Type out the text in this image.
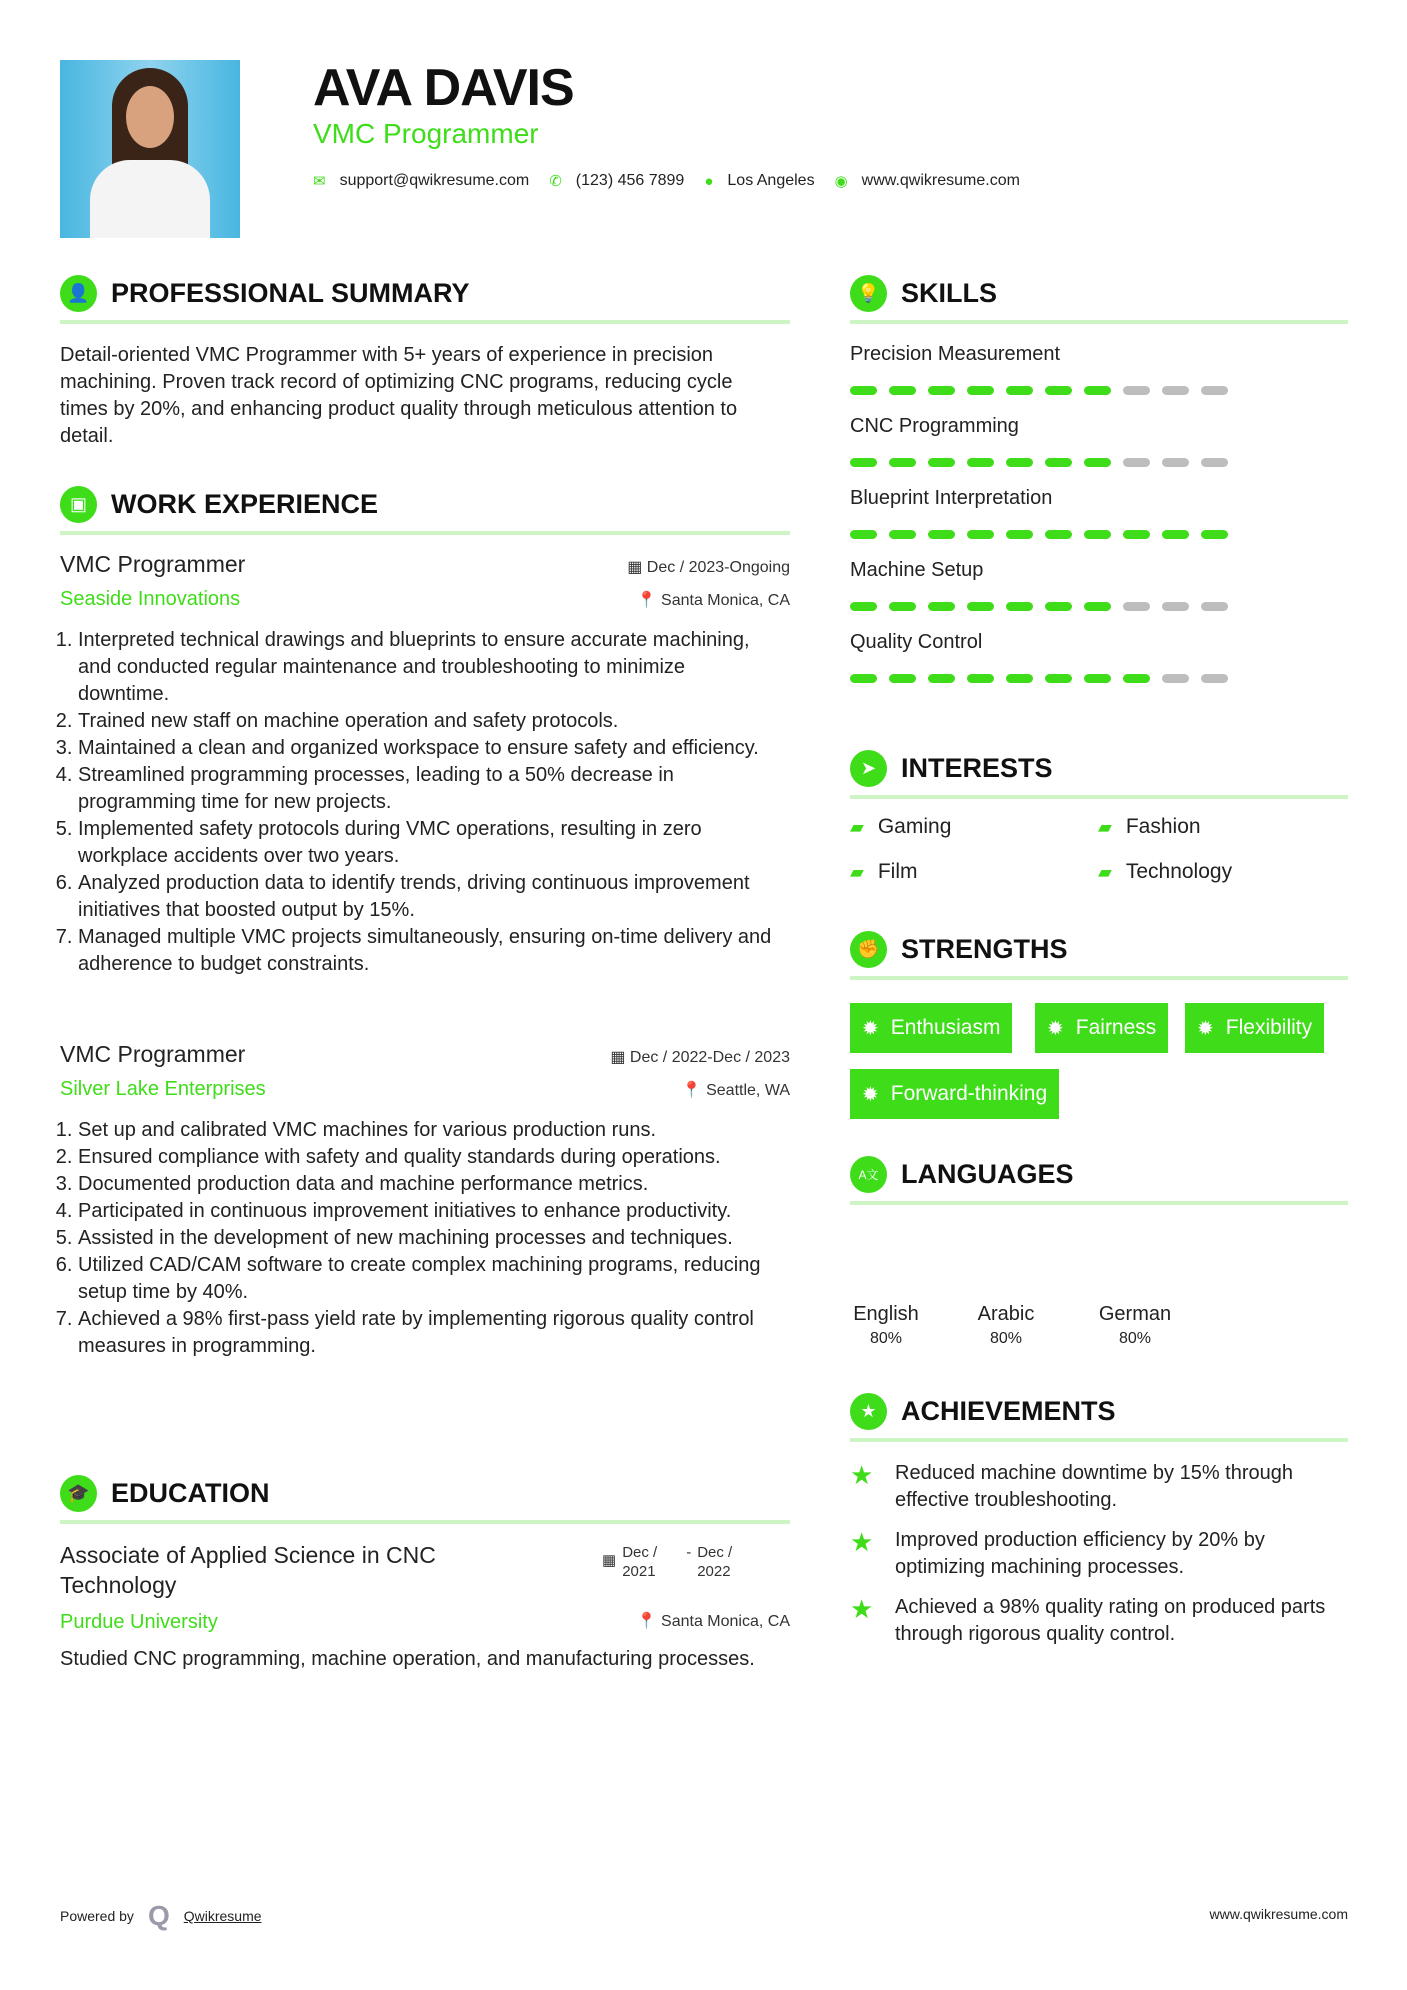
AVA DAVIS
VMC Programmer
✉ support@qwikresume.com ✆ (123) 456 7899 ● Los Angeles ◉ www.qwikresume.com
👤 PROFESSIONAL SUMMARY
Detail-oriented VMC Programmer with 5+ years of experience in precision machining. Proven track record of optimizing CNC programs, reducing cycle times by 20%, and enhancing product quality through meticulous attention to detail.
▣ WORK EXPERIENCE
VMC Programmer	▦ Dec / 2023-Ongoing
Seaside Innovations	📍 Santa Monica, CA
1. Interpreted technical drawings and blueprints to ensure accurate machining, and conducted regular maintenance and troubleshooting to minimize downtime.
2. Trained new staff on machine operation and safety protocols.
3. Maintained a clean and organized workspace to ensure safety and efficiency.
4. Streamlined programming processes, leading to a 50% decrease in programming time for new projects.
5. Implemented safety protocols during VMC operations, resulting in zero workplace accidents over two years.
6. Analyzed production data to identify trends, driving continuous improvement initiatives that boosted output by 15%.
7. Managed multiple VMC projects simultaneously, ensuring on-time delivery and adherence to budget constraints.
VMC Programmer	▦ Dec / 2022-Dec / 2023
Silver Lake Enterprises	📍 Seattle, WA
1. Set up and calibrated VMC machines for various production runs.
2. Ensured compliance with safety and quality standards during operations.
3. Documented production data and machine performance metrics.
4. Participated in continuous improvement initiatives to enhance productivity.
5. Assisted in the development of new machining processes and techniques.
6. Utilized CAD/CAM software to create complex machining programs, reducing setup time by 40%.
7. Achieved a 98% first-pass yield rate by implementing rigorous quality control measures in programming.
🎓 EDUCATION
Associate of Applied Science in CNC Technology
▦ Dec / 2021
- Dec / 2022
Purdue University	📍 Santa Monica, CA
Studied CNC programming, machine operation, and manufacturing processes.
💡 SKILLS
Precision Measurement
CNC Programming
Blueprint Interpretation
Machine Setup
Quality Control
➤ INTERESTS
▰ Gaming	▰ Fashion
▰ Film	▰ Technology
✊ STRENGTHS
✹ Enthusiasm ✹ Fairness ✹ Flexibility
✹ Forward-thinking
A文 LANGUAGES
English
80%
Arabic
80%
German
80%
★ ACHIEVEMENTS
★	Reduced machine downtime by 15% through effective troubleshooting.
★	Improved production efficiency by 20% by optimizing machining processes.
★	Achieved a 98% quality rating on produced parts through rigorous quality control.
Powered by Q Qwikresume	www.qwikresume.com
